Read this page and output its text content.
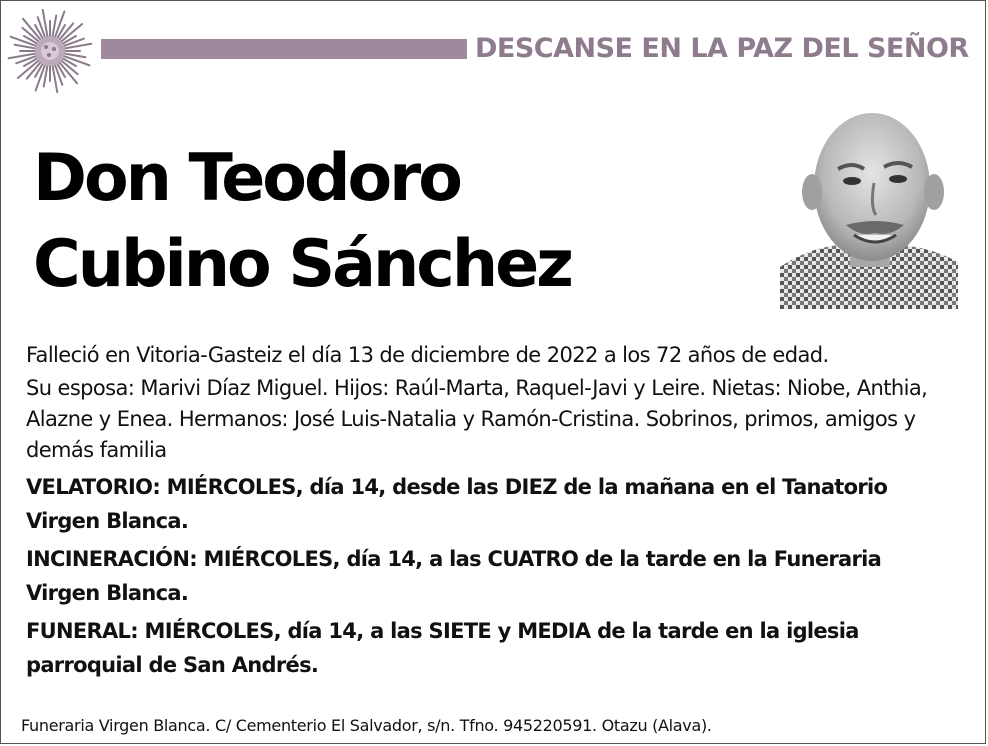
DESCANSE EN LA PAZ DEL SEÑOR
Don Teodoro
Cubino Sánchez
Falleció en Vitoria-Gasteiz el día 13 de diciembre de 2022 a los 72 años de edad.
Su esposa: Marivi Díaz Miguel. Hijos: Raúl-Marta, Raquel-Javi y Leire. Nietas: Niobe, Anthia, Alazne y Enea. Hermanos: José Luis-Natalia y Ramón-Cristina. Sobrinos, primos, amigos y demás familia
VELATORIO: MIÉRCOLES, día 14, desde las DIEZ de la mañana en el Tanatorio Virgen Blanca.
INCINERACIÓN: MIÉRCOLES, día 14, a las CUATRO de la tarde en la Funeraria Virgen Blanca.
FUNERAL: MIÉRCOLES, día 14, a las SIETE y MEDIA de la tarde en la iglesia parroquial de San Andrés.
Funeraria Virgen Blanca. C/ Cementerio El Salvador, s/n. Tfno. 945220591. Otazu (Alava).
